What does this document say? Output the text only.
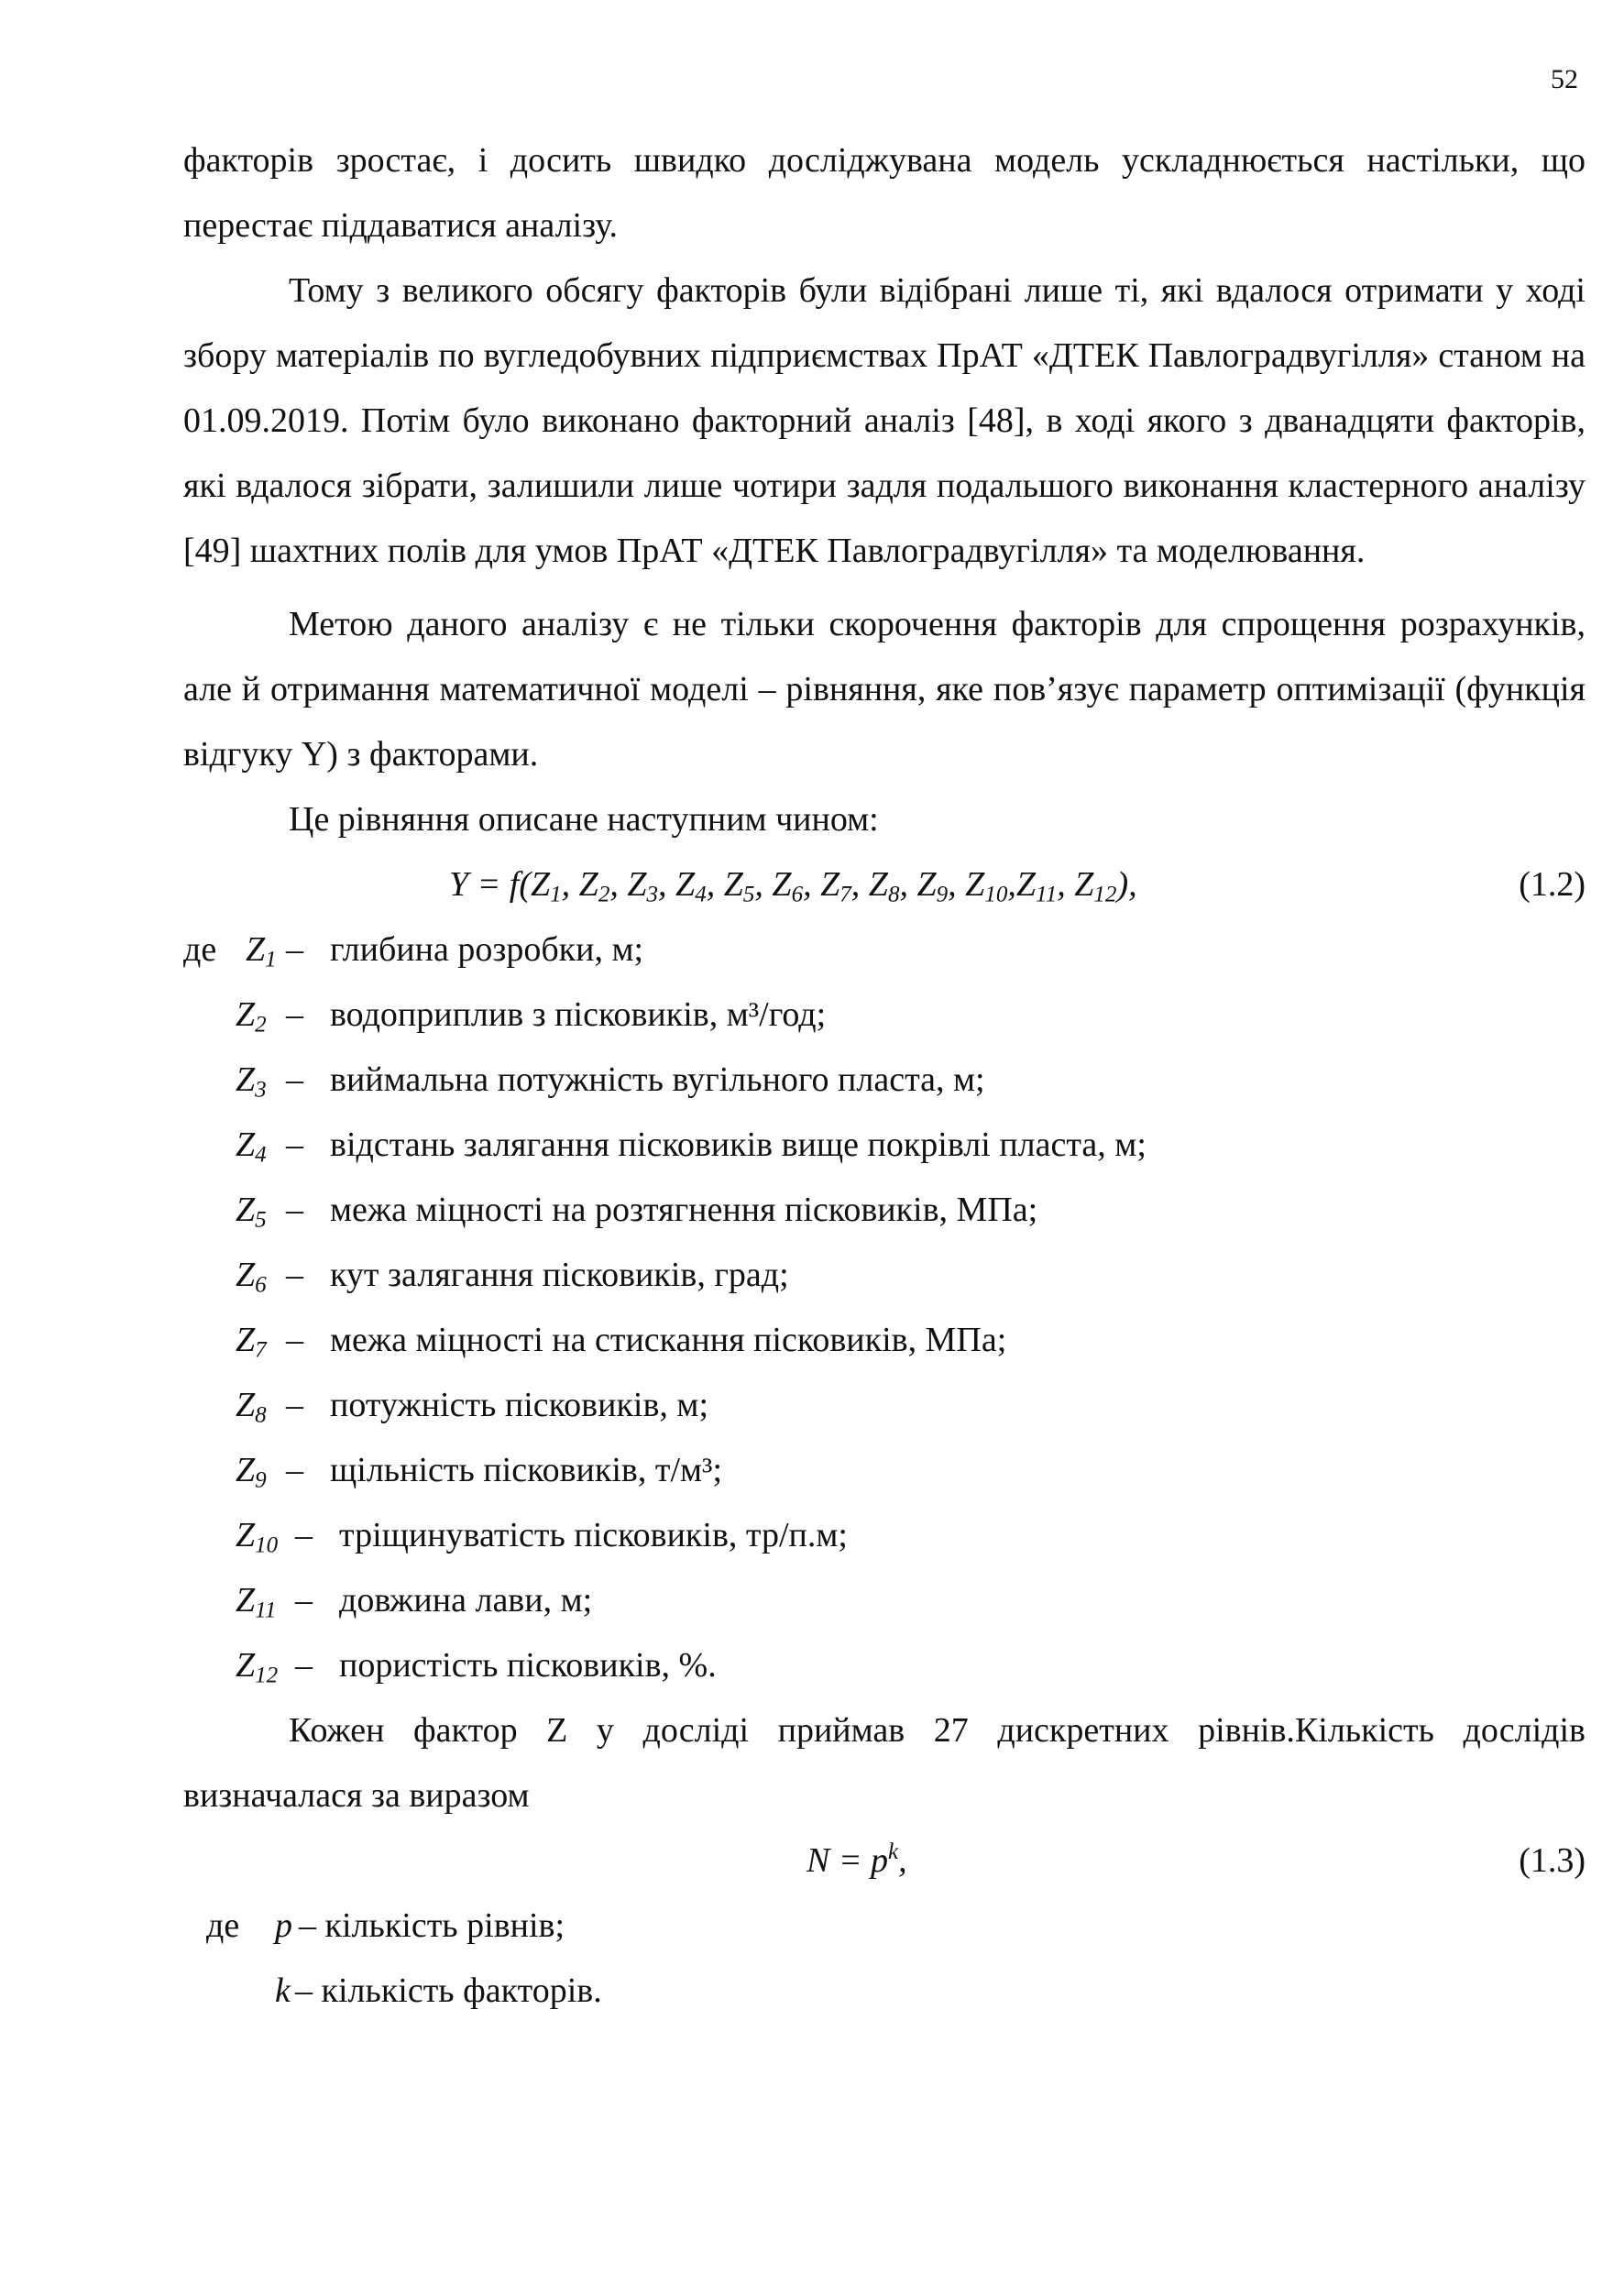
52

факторів зростає, і досить швидко досліджувана модель ускладнюється настільки, що перестає піддаватися аналізу.

Тому з великого обсягу факторів були відібрані лише ті, які вдалося отримати у ході збору матеріалів по вугледобувних підприємствах ПрАТ «ДТЕК Павлоградвугілля» станом на 01.09.2019. Потім було виконано факторний аналіз [48], в ході якого з дванадцяти факторів, які вдалося зібрати, залишили лише чотири задля подальшого виконання кластерного аналізу [49] шахтних полів для умов ПрАТ «ДТЕК Павлоградвугілля» та моделювання.

Метою даного аналізу є не тільки скорочення факторів для спрощення розрахунків, але й отримання математичної моделі – рівняння, яке пов’язує параметр оптимізації (функція відгуку Y) з факторами.

Це рівняння описане наступним чином:

$Y = f(Z_1$, $Z_2$, $Z_3$, $Z_4$, $Z_5$, $Z_6$, $Z_7$, $Z_8$, $Z_9$, $Z_{10},Z_{11}$, $Z_{12}$),	(1.2)
де $Z_1$ – глибина розробки, м;
$Z_2$ – водоприплив з пісковиків, м³/год;
$Z_3$ – виймальна потужність вугільного пласта, м;
$Z_4$ – відстань залягання пісковиків вище покрівлі пласта, м;
$Z_5$ – межа міцності на розтягнення пісковиків, МПа;
$Z_6$ – кут залягання пісковиків, град;
$Z_7$ – межа міцності на стискання пісковиків, МПа;
$Z_8$ – потужність пісковиків, м;
$Z_9$ – щільність пісковиків, т/м³;
$Z_{10}$ – тріщинуватість пісковиків, тр/п.м;
$Z_{11}$ – довжина лави, м;
$Z_{12}$ – пористість пісковиків, %.

Кожен фактор Z у досліді приймав 27 дискретних рівнів.Кількість дослідів визначалася за виразом

$N = p^k$,	(1.3)
де p – кількість рівнів;
k – кількість факторів.
